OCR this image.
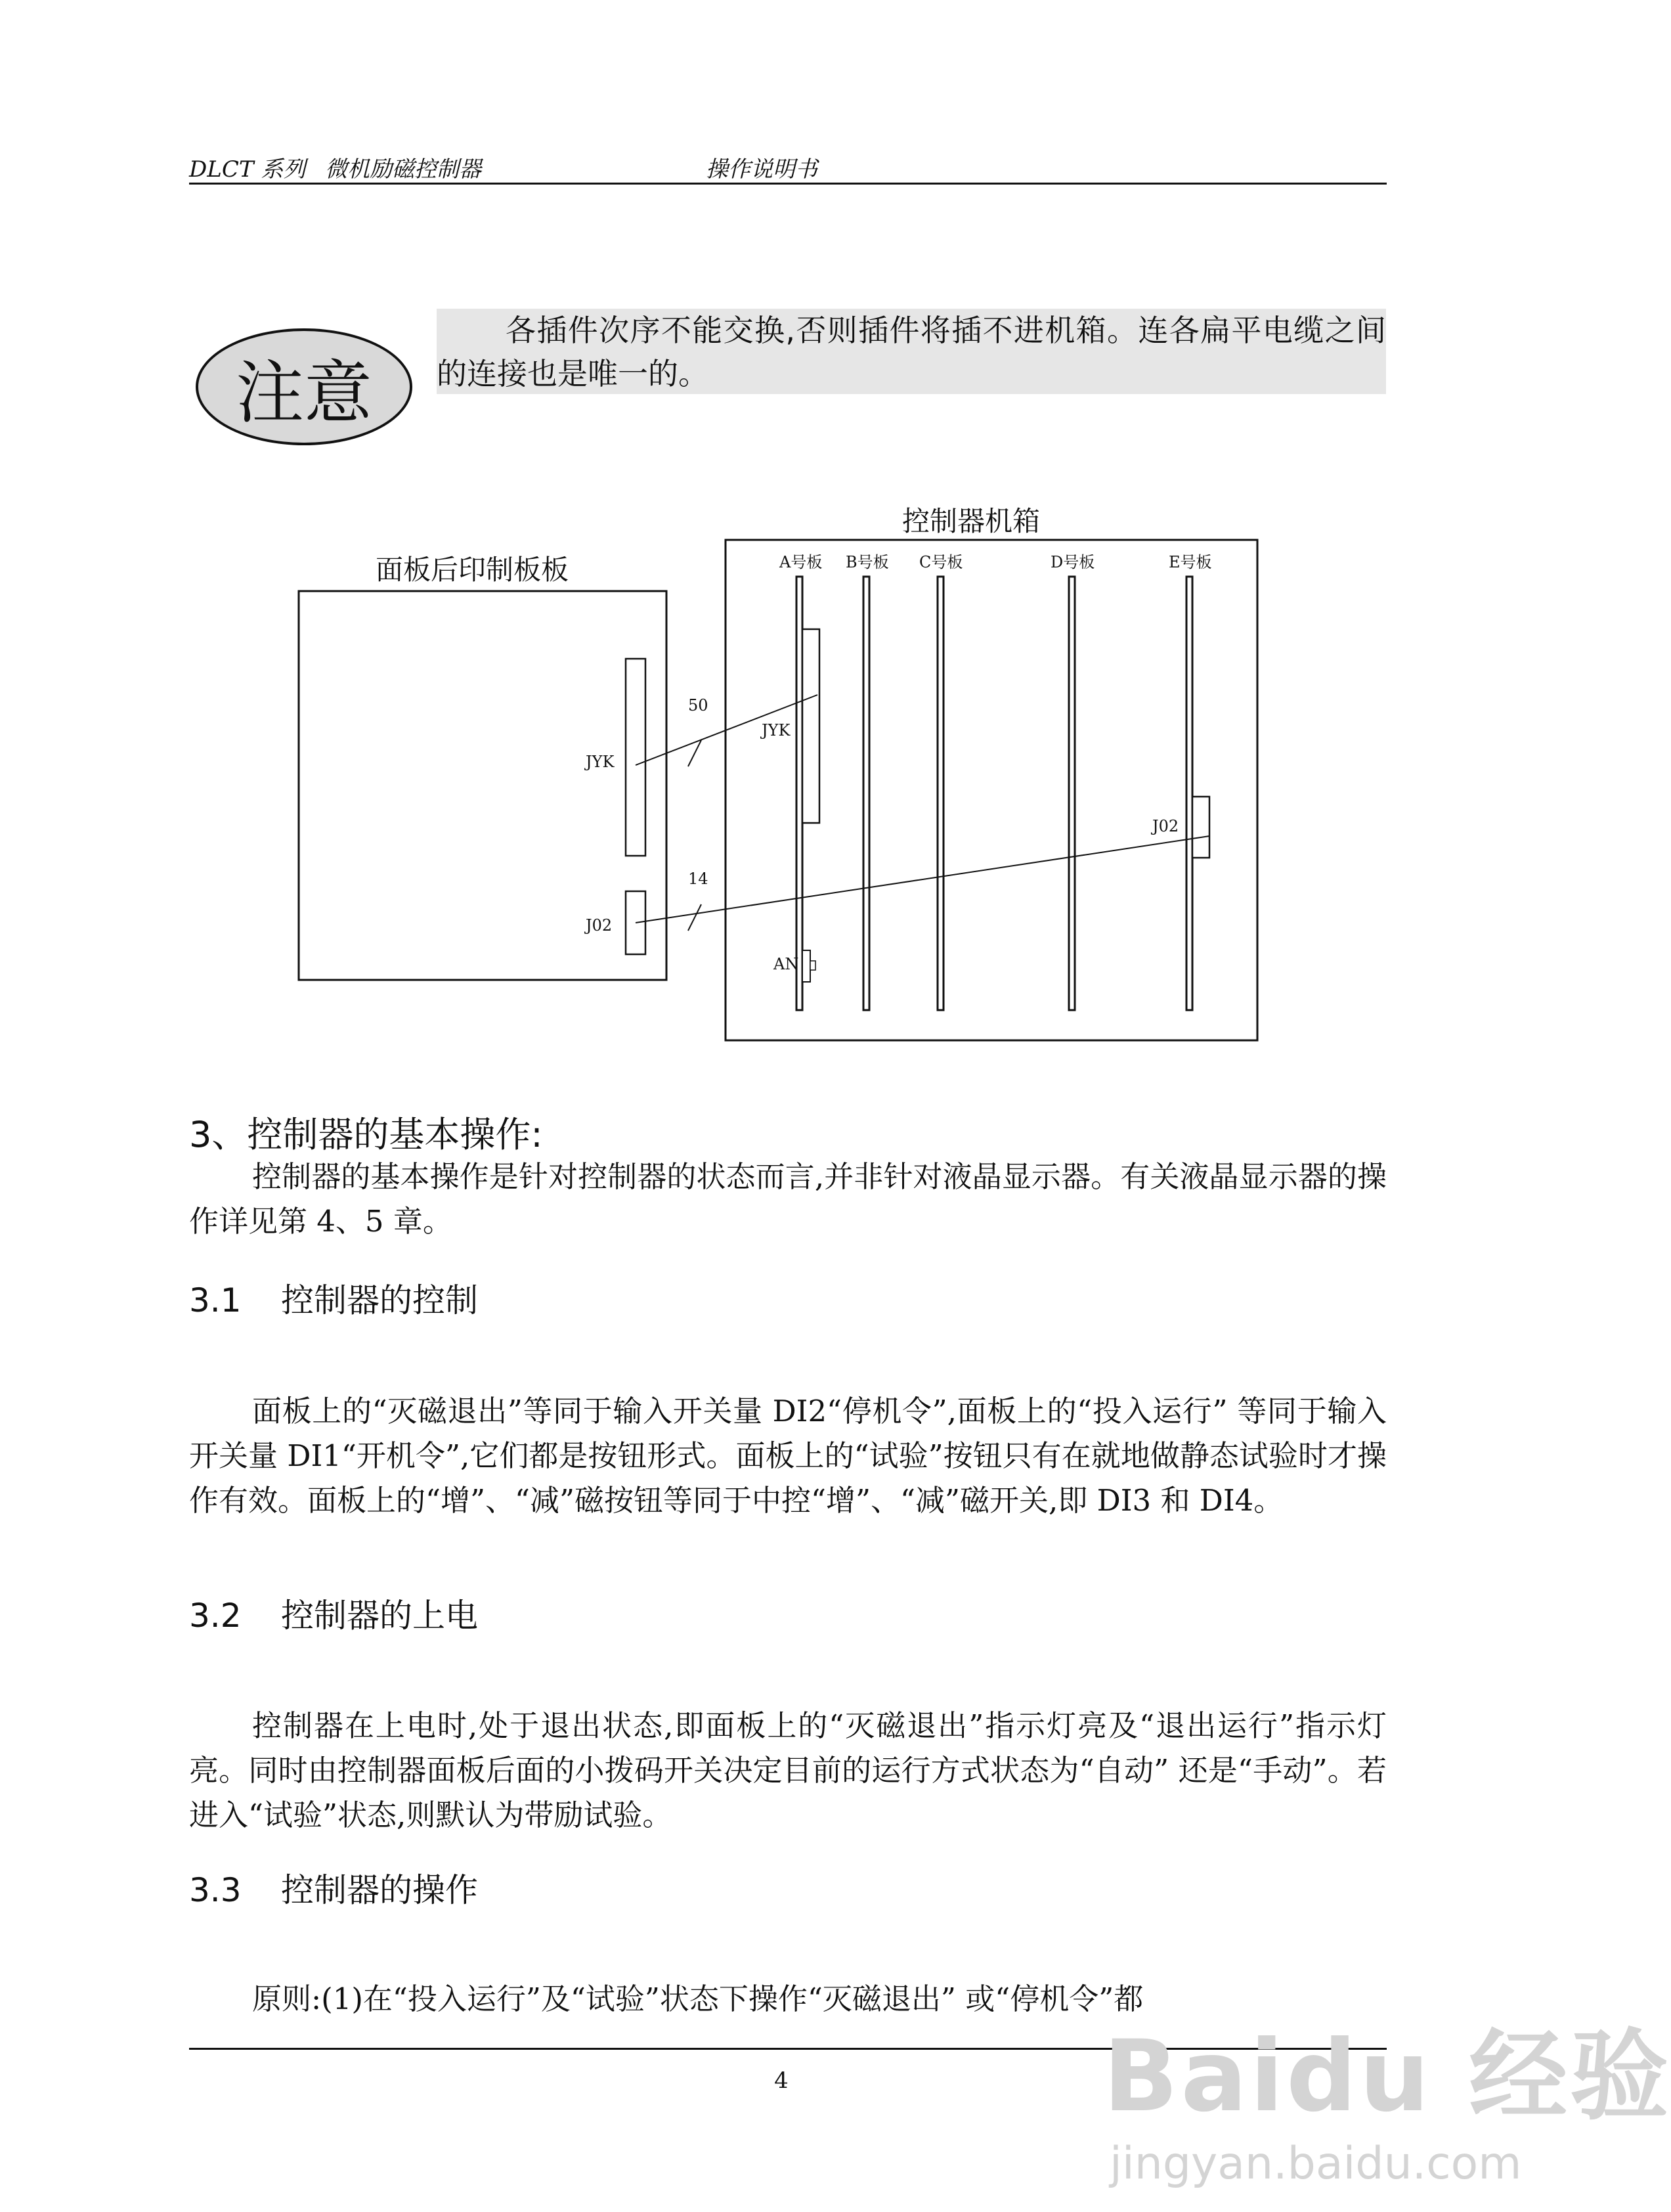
DLCT 系列 微机励磁控制器	操作说明书
注意
各插件次序不能交换,否则插件将插不进机箱。连各扁平电缆之间的连接也是唯一的。
面板后印制板板
控制器机箱
A号板 B号板 C号板	D号板	E号板
JYK
J02
50
14
JYK
J02
AN
3、控制器的基本操作:
控制器的基本操作是针对控制器的状态而言,并非针对液晶显示器。有关液晶显示器的操作详见第 4、5 章。
3.1 控制器的控制
面板上的“灭磁退出”等同于输入开关量 DI2“停机令”,面板上的“投入运行” 等同于输入开关量 DI1“开机令”,它们都是按钮形式。面板上的“试验”按钮只有在就地做静态试验时才操作有效。面板上的“增”、“减”磁按钮等同于中控“增”、“减”磁开关,即 DI3 和 DI4。
3.2 控制器的上电
控制器在上电时,处于退出状态,即面板上的“灭磁退出”指示灯亮及“退出运行”指示灯亮。同时由控制器面板后面的小拨码开关决定目前的运行方式状态为“自动” 还是“手动”。若进入“试验”状态,则默认为带励试验。
3.3 控制器的操作
原则:(1)在“投入运行”及“试验”状态下操作“灭磁退出” 或“停机令”都
4	Baidu 经验
jingyan.baidu.com
